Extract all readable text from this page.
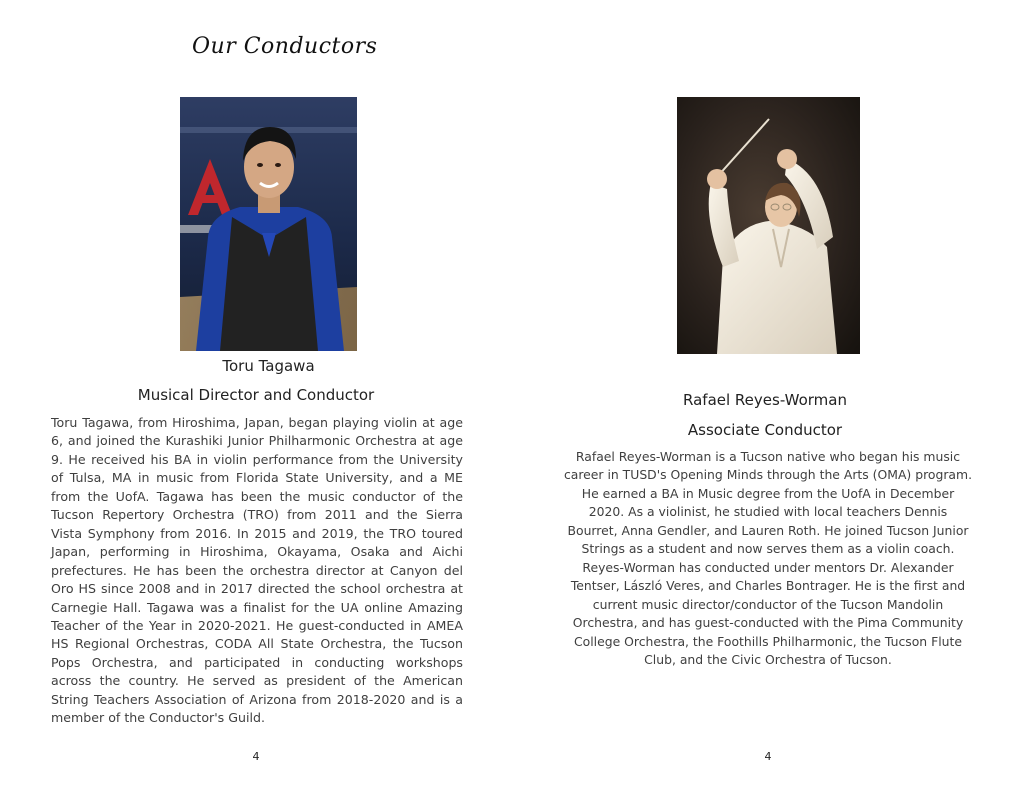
Our Conductors
Toru Tagawa
Musical Director and Conductor

Toru Tagawa, from Hiroshima, Japan, began playing violin at age 6, and joined the Kurashiki Junior Philharmonic Orchestra at age 9. He received his BA in violin performance from the University of Tulsa, MA in music from Florida State University, and a ME from the UofA. Tagawa has been the music conductor of the Tucson Repertory Orchestra (TRO) from 2011 and the Sierra Vista Symphony from 2016. In 2015 and 2019, the TRO toured Japan, performing in Hiroshima, Okayama, Osaka and Aichi prefectures. He has been the orchestra director at Canyon del Oro HS since 2008 and in 2017 directed the school orchestra at Carnegie Hall. Tagawa was a finalist for the UA online Amazing Teacher of the Year in 2020-2021. He guest-conducted in AMEA HS Regional Orchestras, CODA All State Orchestra, the Tucson Pops Orchestra, and participated in conducting workshops across the country. He served as president of the American String Teachers Association of Arizona from 2018-2020 and is a member of the Conductor's Guild.

Rafael Reyes-Worman
Associate Conductor

Rafael Reyes-Worman is a Tucson native who began his music career in TUSD's Opening Minds through the Arts (OMA) program. He earned a BA in Music degree from the UofA in December 2020. As a violinist, he studied with local teachers Dennis Bourret, Anna Gendler, and Lauren Roth. He joined Tucson Junior Strings as a student and now serves them as a violin coach. Reyes-Worman has conducted under mentors Dr. Alexander Tentser, László Veres, and Charles Bontrager. He is the first and current music director/conductor of the Tucson Mandolin Orchestra, and has guest-conducted with the Pima Community College Orchestra, the Foothills Philharmonic, the Tucson Flute Club, and the Civic Orchestra of Tucson.

4	4
